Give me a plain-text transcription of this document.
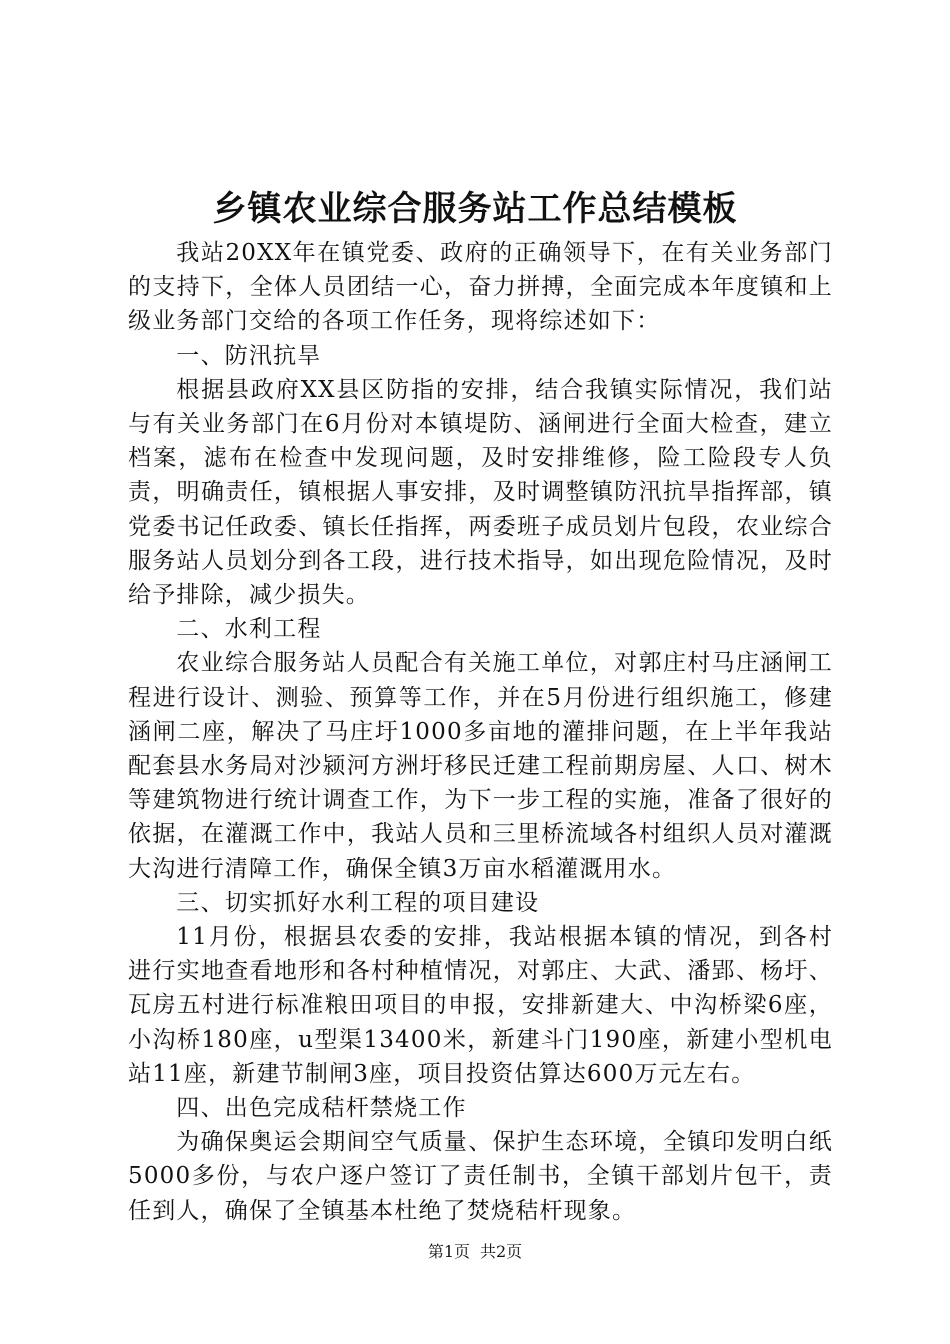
乡镇农业综合服务站工作总结模板

我站20XX年在镇党委、政府的正确领导下，在有关业务部门的支持下，全体人员团结一心，奋力拼搏，全面完成本年度镇和上级业务部门交给的各项工作任务，现将综述如下：

一、防汛抗旱

根据县政府XX县区防指的安排，结合我镇实际情况，我们站与有关业务部门在6月份对本镇堤防、涵闸进行全面大检查，建立档案，滤布在检查中发现问题，及时安排维修，险工险段专人负责，明确责任，镇根据人事安排，及时调整镇防汛抗旱指挥部，镇党委书记任政委、镇长任指挥，两委班子成员划片包段，农业综合服务站人员划分到各工段，进行技术指导，如出现危险情况，及时给予排除，减少损失。

二、水利工程

农业综合服务站人员配合有关施工单位，对郭庄村马庄涵闸工程进行设计、测验、预算等工作，并在5月份进行组织施工，修建涵闸二座，解决了马庄圩1000多亩地的灌排问题，在上半年我站配套县水务局对沙颍河方洲圩移民迁建工程前期房屋、人口、树木等建筑物进行统计调查工作，为下一步工程的实施，准备了很好的依据，在灌溉工作中，我站人员和三里桥流域各村组织人员对灌溉大沟进行清障工作，确保全镇3万亩水稻灌溉用水。

三、切实抓好水利工程的项目建设

11月份，根据县农委的安排，我站根据本镇的情况，到各村进行实地查看地形和各村种植情况，对郭庄、大武、潘郢、杨圩、瓦房五村进行标准粮田项目的申报，安排新建大、中沟桥梁6座，小沟桥180座，u型渠13400米，新建斗门190座，新建小型机电站11座，新建节制闸3座，项目投资估算达600万元左右。

四、出色完成秸杆禁烧工作

为确保奥运会期间空气质量、保护生态环境，全镇印发明白纸5000多份，与农户逐户签订了责任制书，全镇干部划片包干，责任到人，确保了全镇基本杜绝了焚烧秸杆现象。

第1页 共2页
